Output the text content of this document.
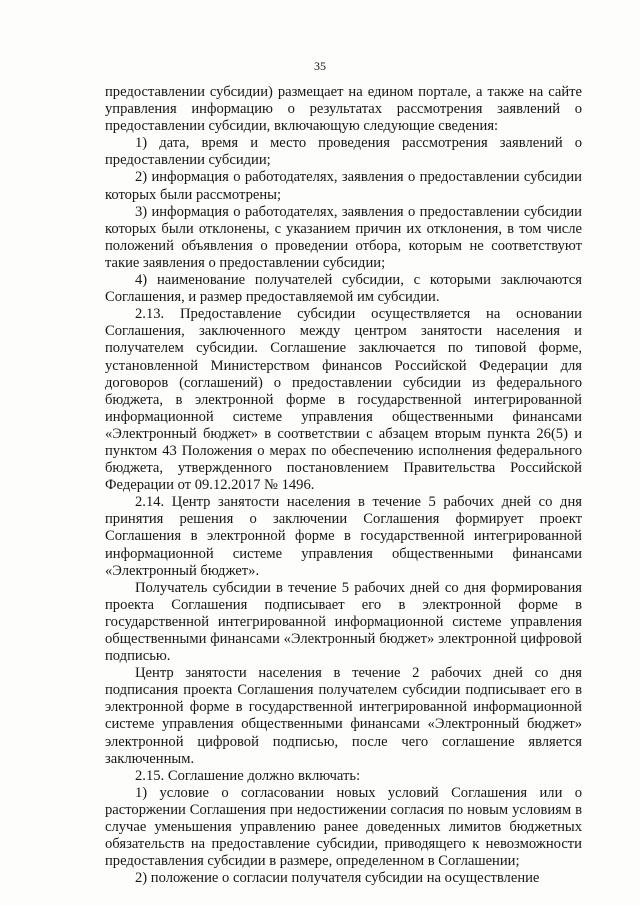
35

предоставлении субсидии) размещает на едином портале, а также на сайте управления информацию о результатах рассмотрения заявлений о предоставлении субсидии, включающую следующие сведения:

1) дата, время и место проведения рассмотрения заявлений о предоставлении субсидии;

2) информация о работодателях, заявления о предоставлении субсидии которых были рассмотрены;

3) информация о работодателях, заявления о предоставлении субсидии которых были отклонены, с указанием причин их отклонения, в том числе положений объявления о проведении отбора, которым не соответствуют такие заявления о предоставлении субсидии;

4) наименование получателей субсидии, с которыми заключаются Соглашения, и размер предоставляемой им субсидии.

2.13. Предоставление субсидии осуществляется на основании Соглашения, заключенного между центром занятости населения и получателем субсидии. Соглашение заключается по типовой форме, установленной Министерством финансов Российской Федерации для договоров (соглашений) о предоставлении субсидии из федерального бюджета, в электронной форме в государственной интегрированной информационной системе управления общественными финансами «Электронный бюджет» в соответствии с абзацем вторым пункта 26(5) и пунктом 43 Положения о мерах по обеспечению исполнения федерального бюджета, утвержденного постановлением Правительства Российской Федерации от 09.12.2017 № 1496.

2.14. Центр занятости населения в течение 5 рабочих дней со дня принятия решения о заключении Соглашения формирует проект Соглашения в электронной форме в государственной интегрированной информационной системе управления общественными финансами «Электронный бюджет».

Получатель субсидии в течение 5 рабочих дней со дня формирования проекта Соглашения подписывает его в электронной форме в государственной интегрированной информационной системе управления общественными финансами «Электронный бюджет» электронной цифровой подписью.

Центр занятости населения в течение 2 рабочих дней со дня подписания проекта Соглашения получателем субсидии подписывает его в электронной форме в государственной интегрированной информационной системе управления общественными финансами «Электронный бюджет» электронной цифровой подписью, после чего соглашение является заключенным.

2.15. Соглашение должно включать:

1) условие о согласовании новых условий Соглашения или о расторжении Соглашения при недостижении согласия по новым условиям в случае уменьшения управлению ранее доведенных лимитов бюджетных обязательств на предоставление субсидии, приводящего к невозможности предоставления субсидии в размере, определенном в Соглашении;

2) положение о согласии получателя субсидии на осуществление
